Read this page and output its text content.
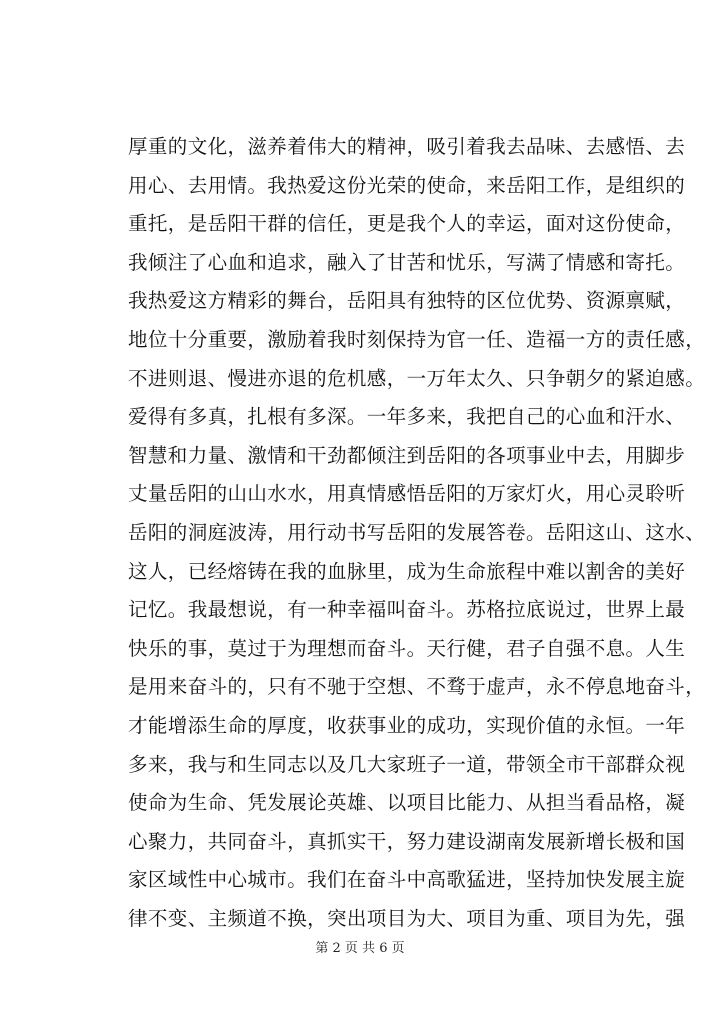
厚重的文化，滋养着伟大的精神，吸引着我去品味、去感悟、去
用心、去用情。我热爱这份光荣的使命，来岳阳工作，是组织的
重托，是岳阳干群的信任，更是我个人的幸运，面对这份使命，
我倾注了心血和追求，融入了甘苦和忧乐，写满了情感和寄托。
我热爱这方精彩的舞台，岳阳具有独特的区位优势、资源禀赋，
地位十分重要，激励着我时刻保持为官一任、造福一方的责任感，
不进则退、慢进亦退的危机感，一万年太久、只争朝夕的紧迫感。
爱得有多真，扎根有多深。一年多来，我把自己的心血和汗水、
智慧和力量、激情和干劲都倾注到岳阳的各项事业中去，用脚步
丈量岳阳的山山水水，用真情感悟岳阳的万家灯火，用心灵聆听
岳阳的洞庭波涛，用行动书写岳阳的发展答卷。岳阳这山、这水、
这人，已经熔铸在我的血脉里，成为生命旅程中难以割舍的美好
记忆。我最想说，有一种幸福叫奋斗。苏格拉底说过，世界上最
快乐的事，莫过于为理想而奋斗。天行健，君子自强不息。人生
是用来奋斗的，只有不驰于空想、不骛于虚声，永不停息地奋斗，
才能增添生命的厚度，收获事业的成功，实现价值的永恒。一年
多来，我与和生同志以及几大家班子一道，带领全市干部群众视
使命为生命、凭发展论英雄、以项目比能力、从担当看品格，凝
心聚力，共同奋斗，真抓实干，努力建设湖南发展新增长极和国
家区域性中心城市。我们在奋斗中高歌猛进，坚持加快发展主旋
律不变、主频道不换，突出项目为大、项目为重、项目为先，强
第 2 页 共 6 页
